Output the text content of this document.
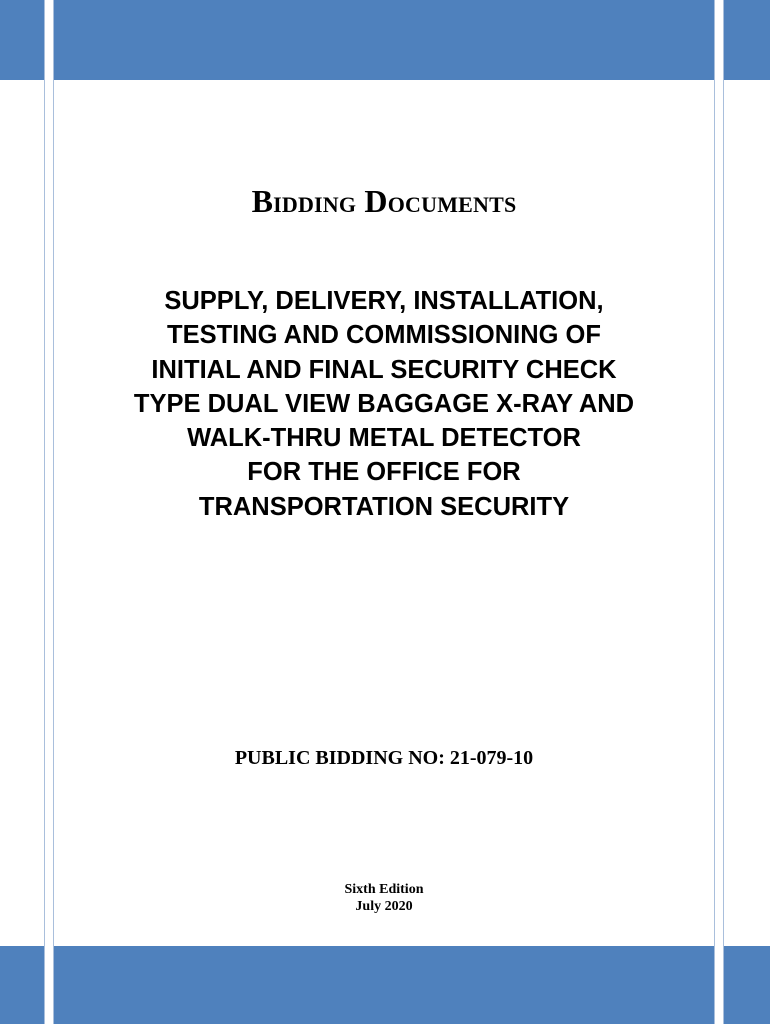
Bidding Documents
SUPPLY, DELIVERY, INSTALLATION,
TESTING AND COMMISSIONING OF
INITIAL AND FINAL SECURITY CHECK
TYPE DUAL VIEW BAGGAGE X-RAY AND
WALK-THRU METAL DETECTOR
FOR THE OFFICE FOR
TRANSPORTATION SECURITY

PUBLIC BIDDING NO: 21-079-10

Sixth Edition
July 2020
